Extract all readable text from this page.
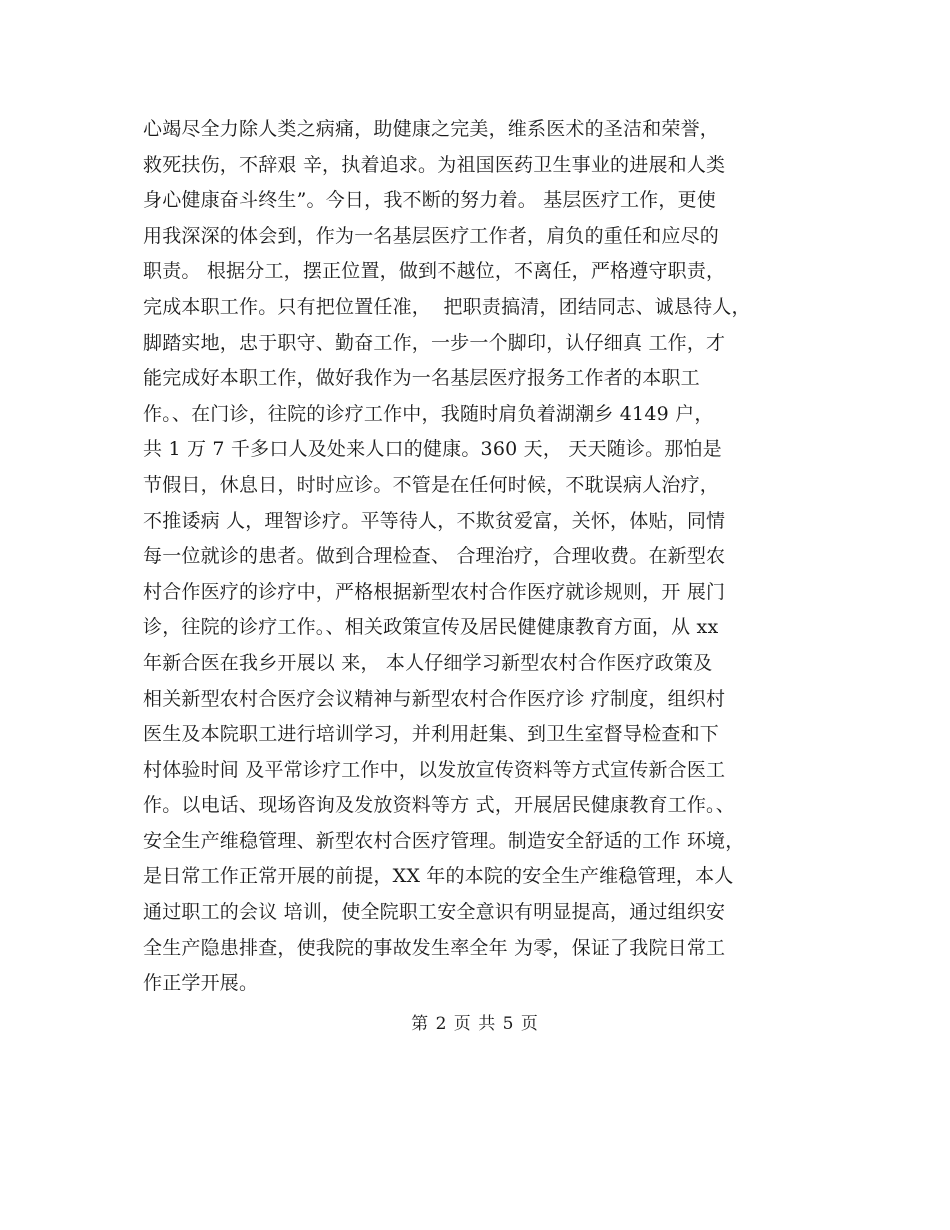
心竭尽全力除人类之病痛，助健康之完美，维系医术的圣洁和荣誉，
救死扶伤，不辞艰 辛，执着追求。为祖国医药卫生事业的进展和人类
身心健康奋斗终生”。今日，我不断的努力着。 基层医疗工作，更使
用我深深的体会到，作为一名基层医疗工作者，肩负的重任和应尽的
职责。 根据分工，摆正位置，做到不越位，不离任，严格遵守职责，
完成本职工作。只有把位置任准，  把职责搞清，团结同志、诚恳待人，
脚踏实地，忠于职守、勤奋工作，一步一个脚印，认仔细真 工作，才
能完成好本职工作，做好我作为一名基层医疗报务工作者的本职工
作。、在门诊，往院的诊疗工作中，我随时肩负着湖潮乡 4149 户，
共 1 万 7 千多口人及处来人口的健康。360 天， 天天随诊。那怕是
节假日，休息日，时时应诊。不管是在任何时候，不耽误病人治疗，
不推诿病 人，理智诊疗。平等待人，不欺贫爱富，关怀，体贴，同情
每一位就诊的患者。做到合理检查、 合理治疗，合理收费。在新型农
村合作医疗的诊疗中，严格根据新型农村合作医疗就诊规则，开 展门
诊，往院的诊疗工作。、相关政策宣传及居民健健康教育方面，从 xx
年新合医在我乡开展以 来， 本人仔细学习新型农村合作医疗政策及
相关新型农村合医疗会议精神与新型农村合作医疗诊 疗制度，组织村
医生及本院职工进行培训学习，并利用赶集、到卫生室督导检查和下
村体验时间 及平常诊疗工作中，以发放宣传资料等方式宣传新合医工
作。以电话、现场咨询及发放资料等方 式，开展居民健康教育工作。、
安全生产维稳管理、新型农村合医疗管理。制造安全舒适的工作 环境，
是日常工作正常开展的前提，XX 年的本院的安全生产维稳管理，本人
通过职工的会议 培训，使全院职工安全意识有明显提高，通过组织安
全生产隐患排查，使我院的事故发生率全年 为零，保证了我院日常工
作正学开展。
第 2 页 共 5 页
